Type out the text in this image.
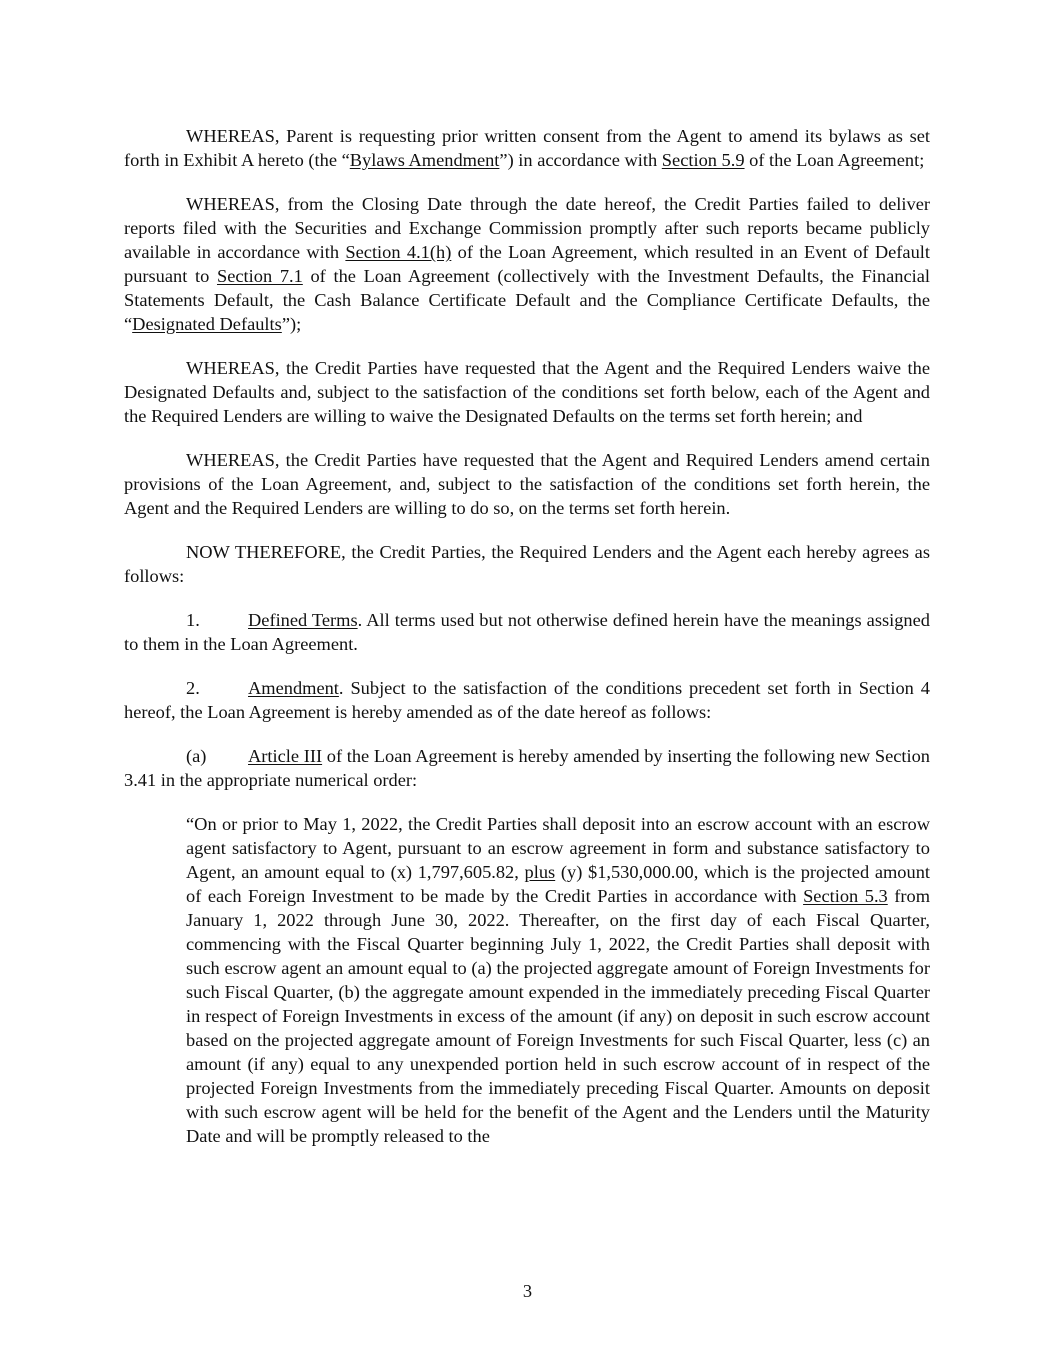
WHEREAS, Parent is requesting prior written consent from the Agent to amend its bylaws as set forth in Exhibit A hereto (the “Bylaws Amendment”) in accordance with Section 5.9 of the Loan Agreement;

WHEREAS, from the Closing Date through the date hereof, the Credit Parties failed to deliver reports filed with the Securities and Exchange Commission promptly after such reports became publicly available in accordance with Section 4.1(h) of the Loan Agreement, which resulted in an Event of Default pursuant to Section 7.1 of the Loan Agreement (collectively with the Investment Defaults, the Financial Statements Default, the Cash Balance Certificate Default and the Compliance Certificate Defaults, the “Designated Defaults”);

WHEREAS, the Credit Parties have requested that the Agent and the Required Lenders waive the Designated Defaults and, subject to the satisfaction of the conditions set forth below, each of the Agent and the Required Lenders are willing to waive the Designated Defaults on the terms set forth herein; and

WHEREAS, the Credit Parties have requested that the Agent and Required Lenders amend certain provisions of the Loan Agreement, and, subject to the satisfaction of the conditions set forth herein, the Agent and the Required Lenders are willing to do so, on the terms set forth herein.

NOW THEREFORE, the Credit Parties, the Required Lenders and the Agent each hereby agrees as follows:

1.	Defined Terms. All terms used but not otherwise defined herein have the meanings assigned to them in the Loan Agreement.

2.	Amendment. Subject to the satisfaction of the conditions precedent set forth in Section 4 hereof, the Loan Agreement is hereby amended as of the date hereof as follows:

(a) Article III of the Loan Agreement is hereby amended by inserting the following new Section 3.41 in the appropriate numerical order:

“On or prior to May 1, 2022, the Credit Parties shall deposit into an escrow account with an escrow agent satisfactory to Agent, pursuant to an escrow agreement in form and substance satisfactory to Agent, an amount equal to (x) 1,797,605.82, plus (y) $1,530,000.00, which is the projected amount of each Foreign Investment to be made by the Credit Parties in accordance with Section 5.3 from January 1, 2022 through June 30, 2022. Thereafter, on the first day of each Fiscal Quarter, commencing with the Fiscal Quarter beginning July 1, 2022, the Credit Parties shall deposit with such escrow agent an amount equal to (a) the projected aggregate amount of Foreign Investments for such Fiscal Quarter, (b) the aggregate amount expended in the immediately preceding Fiscal Quarter in respect of Foreign Investments in excess of the amount (if any) on deposit in such escrow account based on the projected aggregate amount of Foreign Investments for such Fiscal Quarter, less (c) an amount (if any) equal to any unexpended portion held in such escrow account of in respect of the projected Foreign Investments from the immediately preceding Fiscal Quarter. Amounts on deposit with such escrow agent will be held for the benefit of the Agent and the Lenders until the Maturity Date and will be promptly released to the

3
